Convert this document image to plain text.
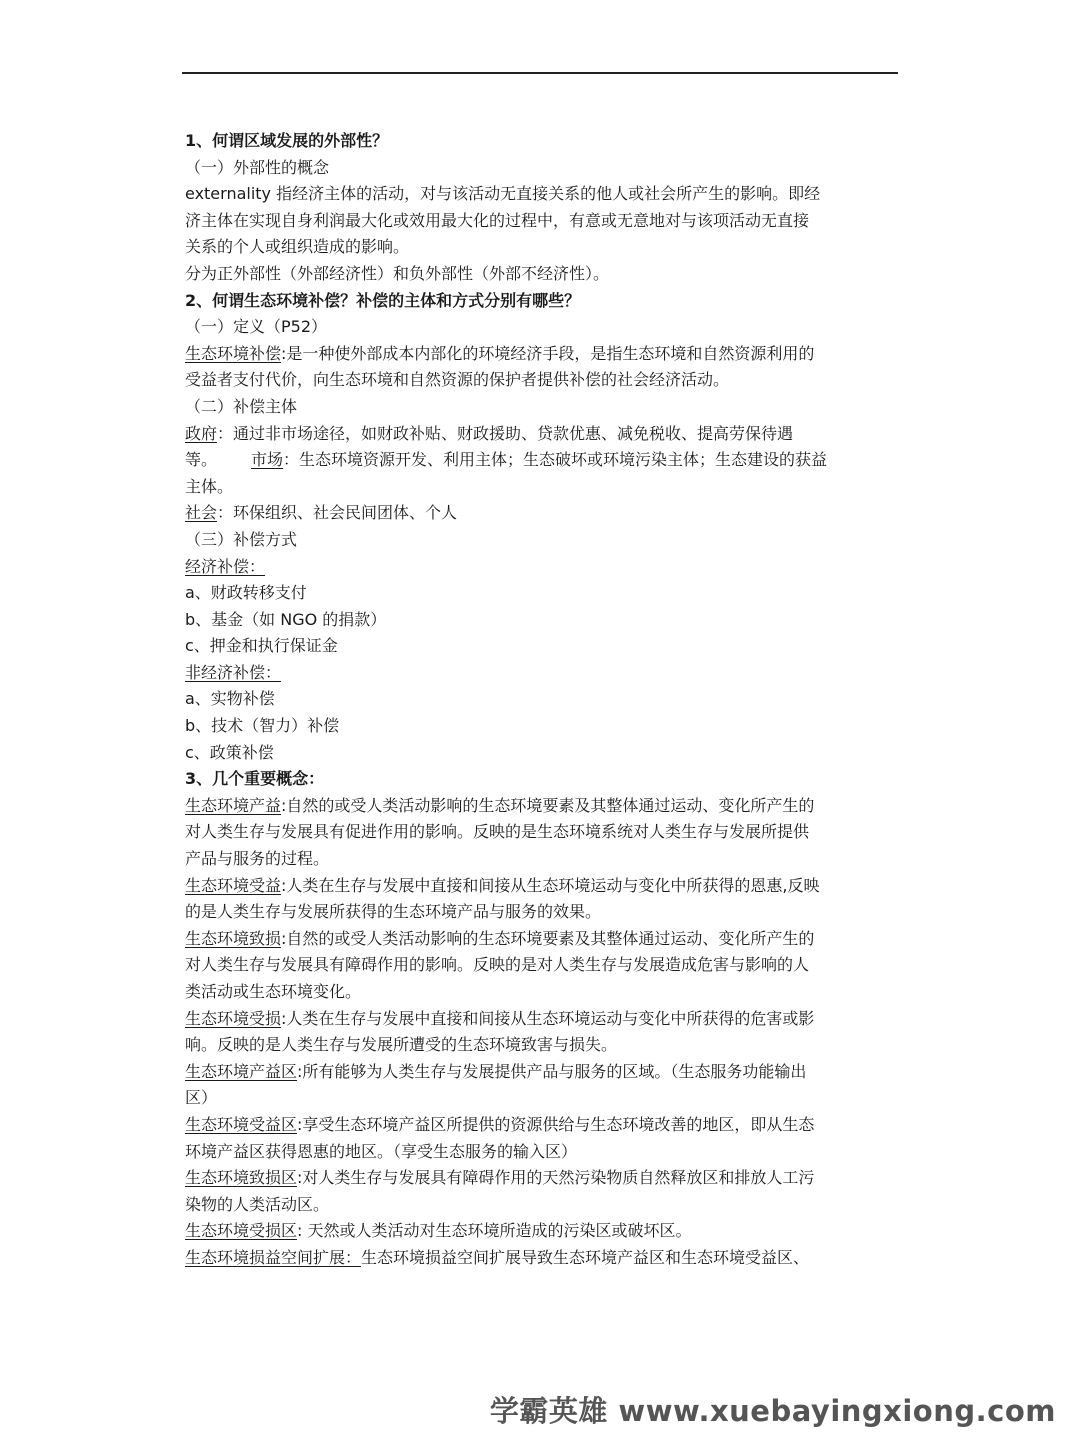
1、何谓区域发展的外部性？
（一）外部性的概念
externality 指经济主体的活动，对与该活动无直接关系的他人或社会所产生的影响。即经
济主体在实现自身利润最大化或效用最大化的过程中，有意或无意地对与该项活动无直接
关系的个人或组织造成的影响。
分为正外部性（外部经济性）和负外部性（外部不经济性）。
2、何谓生态环境补偿？补偿的主体和方式分别有哪些？
（一）定义（P52）
生态环境补偿:是一种使外部成本内部化的环境经济手段，是指生态环境和自然资源利用的
受益者支付代价，向生态环境和自然资源的保护者提供补偿的社会经济活动。
（二）补偿主体
政府：通过非市场途径，如财政补贴、财政援助、贷款优惠、减免税收、提高劳保待遇
等。 市场：生态环境资源开发、利用主体；生态破坏或环境污染主体；生态建设的获益
主体。
社会：环保组织、社会民间团体、个人
（三）补偿方式
经济补偿：
a、财政转移支付
b、基金（如 NGO 的捐款）
c、押金和执行保证金
非经济补偿：
a、实物补偿
b、技术（智力）补偿
c、政策补偿
3、几个重要概念：
生态环境产益:自然的或受人类活动影响的生态环境要素及其整体通过运动、变化所产生的
对人类生存与发展具有促进作用的影响。反映的是生态环境系统对人类生存与发展所提供
产品与服务的过程。
生态环境受益:人类在生存与发展中直接和间接从生态环境运动与变化中所获得的恩惠,反映
的是人类生存与发展所获得的生态环境产品与服务的效果。
生态环境致损:自然的或受人类活动影响的生态环境要素及其整体通过运动、变化所产生的
对人类生存与发展具有障碍作用的影响。反映的是对人类生存与发展造成危害与影响的人
类活动或生态环境变化。
生态环境受损:人类在生存与发展中直接和间接从生态环境运动与变化中所获得的危害或影
响。反映的是人类生存与发展所遭受的生态环境致害与损失。
生态环境产益区:所有能够为人类生存与发展提供产品与服务的区域。（生态服务功能输出
区）
生态环境受益区:享受生态环境产益区所提供的资源供给与生态环境改善的地区，即从生态
环境产益区获得恩惠的地区。（享受生态服务的输入区）
生态环境致损区:对人类生存与发展具有障碍作用的天然污染物质自然释放区和排放人工污
染物的人类活动区。
生态环境受损区: 天然或人类活动对生态环境所造成的污染区或破坏区。
生态环境损益空间扩展：生态环境损益空间扩展导致生态环境产益区和生态环境受益区、
学霸英雄 www.xuebayingxiong.com
